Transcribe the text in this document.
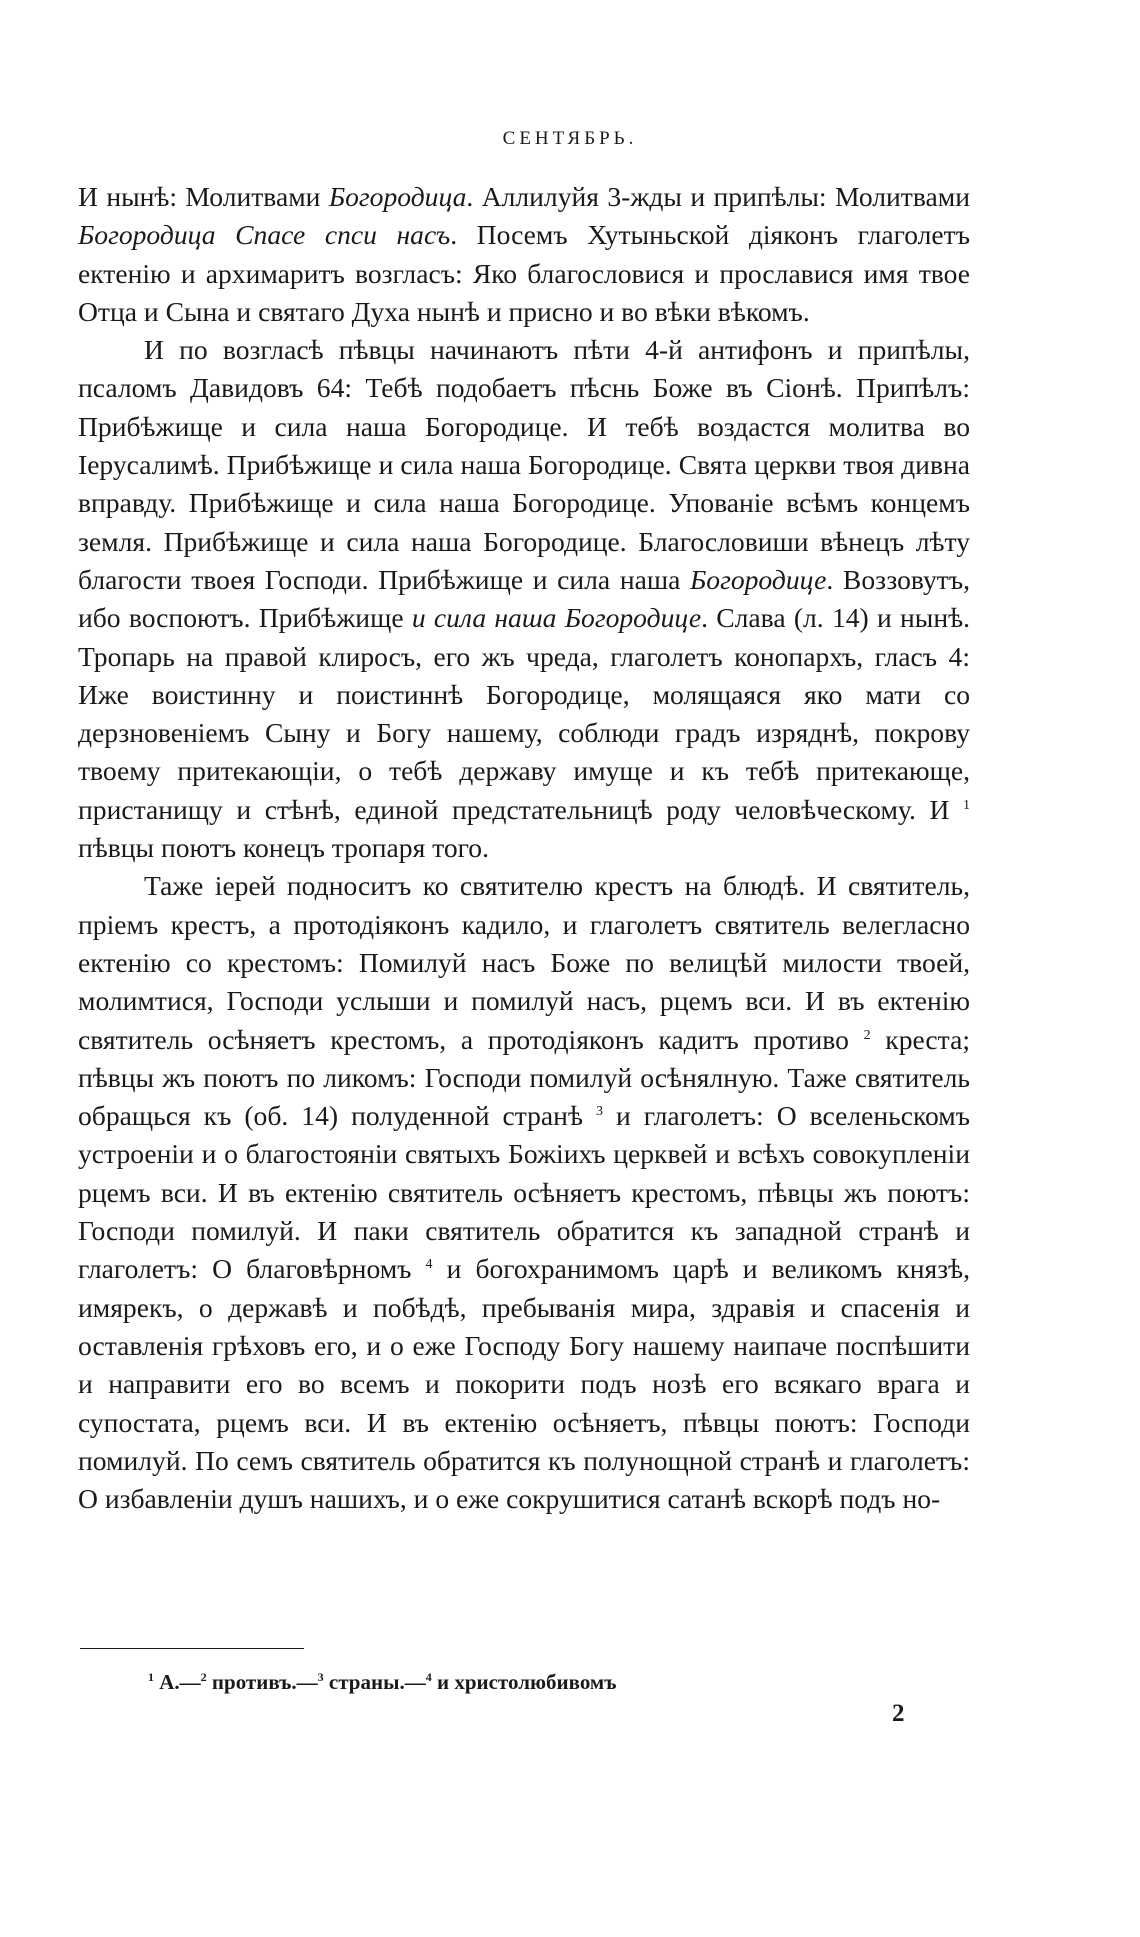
СЕНТЯБРЬ.

И нынѣ: Молитвами Богородица. Аллилуйя 3-жды и припѣлы: Молитвами Богородица Спасе спси насъ. Посемъ Хутыньской діяконъ глаголетъ ектенію и архимаритъ возгласъ: Яко благословися и прославися имя твое Отца и Сына и святаго Духа нынѣ и присно и во вѣки вѣкомъ.

И по возгласѣ пѣвцы начинаютъ пѣти 4-й антифонъ и припѣлы, псаломъ Давидовъ 64: Тебѣ подобаетъ пѣснь Боже въ Сіонѣ. Припѣлъ: Прибѣжище и сила наша Богородице. И тебѣ воздастся молитва во Іерусалимѣ. Прибѣжище и сила наша Богородице. Свята церкви твоя дивна вправду. Прибѣжище и сила наша Богородице. Упованіе всѣмъ концемъ земля. Прибѣжище и сила наша Богородице. Благословиши вѣнецъ лѣту благости твоея Господи. Прибѣжище и сила наша Богородице. Воззовутъ, ибо воспоютъ. Прибѣжище и сила наша Богородице. Слава (л. 14) и нынѣ. Тропарь на правой клиросъ, его жъ чреда, глаголетъ конопархъ, гласъ 4: Иже воистинну и поистиннѣ Богородице, молящаяся яко мати со дерзновеніемъ Сыну и Богу нашему, соблюди градъ изряднѣ, покрову твоему притекающіи, о тебѣ державу имуще и къ тебѣ притекающе, пристанищу и стѣнѣ, единой предстательницѣ роду человѣческому. И $^1$ пѣвцы поютъ конецъ тропаря того.

Таже іерей подноситъ ко святителю крестъ на блюдѣ. И святитель, пріемъ крестъ, а протодіяконъ кадило, и глаголетъ святитель велегласно ектенію со крестомъ: Помилуй насъ Боже по велицѣй милости твоей, молимтися, Господи услыши и помилуй насъ, рцемъ вси. И въ ектенію святитель осѣняетъ крестомъ, а протодіяконъ кадитъ противо $^2$ креста; пѣвцы жъ поютъ по ликомъ: Господи помилуй осѣнялную. Таже святитель обращься къ (об. 14) полуденной странѣ $^3$ и глаголетъ: О вселеньскомъ устроеніи и о благостояніи святыхъ Божіихъ церквей и всѣхъ совокупленіи рцемъ вси. И въ ектенію святитель осѣняетъ крестомъ, пѣвцы жъ поютъ: Господи помилуй. И паки святитель обратится къ западной странѣ и глаголетъ: О благовѣрномъ $^4$ и богохранимомъ царѣ и великомъ князѣ, имярекъ, о державѣ и побѣдѣ, пребыванія мира, здравія и спасенія и оставленія грѣховъ его, и о еже Господу Богу нашему наипаче поспѣшити и направити его во всемъ и покорити подъ нозѣ его всякаго врага и супостата, рцемъ вси. И въ ектенію осѣняетъ, пѣвцы поютъ: Господи помилуй. По семъ святитель обратится къ полунощной странѣ и глаголетъ: О избавленіи душъ нашихъ, и о еже сокрушитися сатанѣ вскорѣ подъ но-

$^1$ А.—$^2$ противъ.—$^3$ страны.—$^4$ и христолюбивомъ
2
